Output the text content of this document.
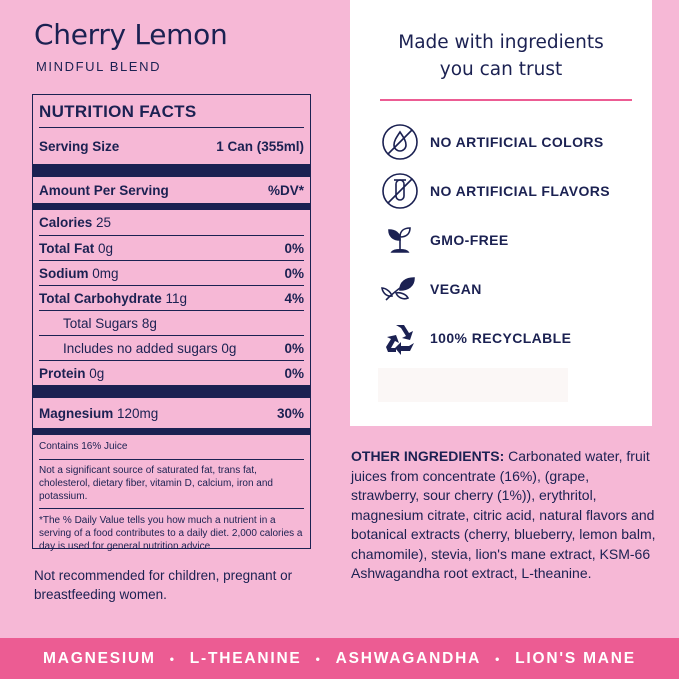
Cherry Lemon
MINDFUL BLEND
NUTRITION FACTS
Serving Size	1 Can (355ml)
Amount Per Serving	%DV*
Calories 25
Total Fat 0g	0%
Sodium 0mg	0%
Total Carbohydrate 11g	4%
Total Sugars 8g
Includes no added sugars 0g	0%
Protein 0g	0%
Magnesium 120mg	30%
Contains 16% Juice
Not a significant source of saturated fat, trans fat, cholesterol, dietary fiber, vitamin D, calcium, iron and potassium.
*The % Daily Value tells you how much a nutrient in a serving of a food contributes to a daily diet. 2,000 calories a day is used for general nutrition advice
Not recommended for children, pregnant or breastfeeding women.
Made with ingredients
you can trust
NO ARTIFICIAL COLORS
NO ARTIFICIAL FLAVORS
GMO-FREE
VEGAN
100% RECYCLABLE
OTHER INGREDIENTS: Carbonated water, fruit juices from concentrate (16%), (grape, strawberry, sour cherry (1%)), erythritol, magnesium citrate, citric acid, natural flavors and botanical extracts (cherry, blueberry, lemon balm, chamomile), stevia, lion's mane extract, KSM-66 Ashwagandha root extract, L-theanine.
MAGNESIUM • L-THEANINE • ASHWAGANDHA • LION'S MANE
